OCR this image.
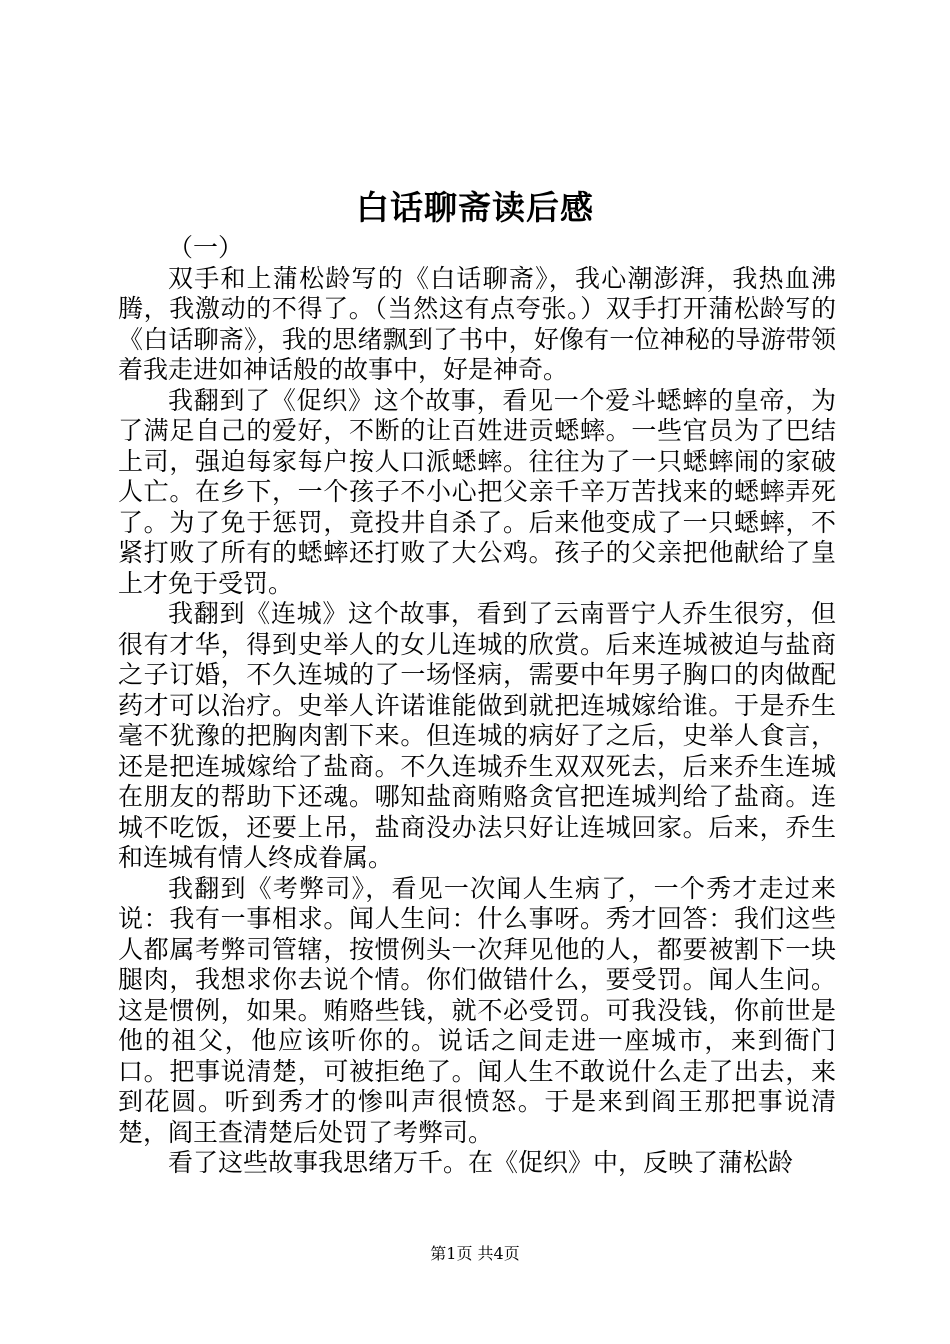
白话聊斋读后感

（一）

双手和上蒲松龄写的《白话聊斋》，我心潮澎湃，我热血沸腾，我激动的不得了。（当然这有点夸张。）双手打开蒲松龄写的《白话聊斋》，我的思绪飘到了书中，好像有一位神秘的导游带领着我走进如神话般的故事中，好是神奇。

我翻到了《促织》这个故事，看见一个爱斗蟋蟀的皇帝，为了满足自己的爱好，不断的让百姓进贡蟋蟀。一些官员为了巴结上司，强迫每家每户按人口派蟋蟀。往往为了一只蟋蟀闹的家破人亡。在乡下，一个孩子不小心把父亲千辛万苦找来的蟋蟀弄死了。为了免于惩罚，竟投井自杀了。后来他变成了一只蟋蟀，不紧打败了所有的蟋蟀还打败了大公鸡。孩子的父亲把他献给了皇上才免于受罚。

我翻到《连城》这个故事，看到了云南晋宁人乔生很穷，但很有才华，得到史举人的女儿连城的欣赏。后来连城被迫与盐商之子订婚，不久连城的了一场怪病，需要中年男子胸口的肉做配药才可以治疗。史举人许诺谁能做到就把连城嫁给谁。于是乔生毫不犹豫的把胸肉割下来。但连城的病好了之后，史举人食言，还是把连城嫁给了盐商。不久连城乔生双双死去，后来乔生连城在朋友的帮助下还魂。哪知盐商贿赂贪官把连城判给了盐商。连城不吃饭，还要上吊，盐商没办法只好让连城回家。后来，乔生和连城有情人终成眷属。

我翻到《考弊司》，看见一次闻人生病了，一个秀才走过来说：我有一事相求。闻人生问：什么事呀。秀才回答：我们这些人都属考弊司管辖，按惯例头一次拜见他的人，都要被割下一块腿肉，我想求你去说个情。你们做错什么，要受罚。闻人生问。这是惯例，如果。贿赂些钱，就不必受罚。可我没钱，你前世是他的祖父，他应该听你的。说话之间走进一座城市，来到衙门口。把事说清楚，可被拒绝了。闻人生不敢说什么走了出去，来到花圆。听到秀才的惨叫声很愤怒。于是来到阎王那把事说清楚，阎王查清楚后处罚了考弊司。

看了这些故事我思绪万千。在《促织》中，反映了蒲松龄

第1页 共4页
